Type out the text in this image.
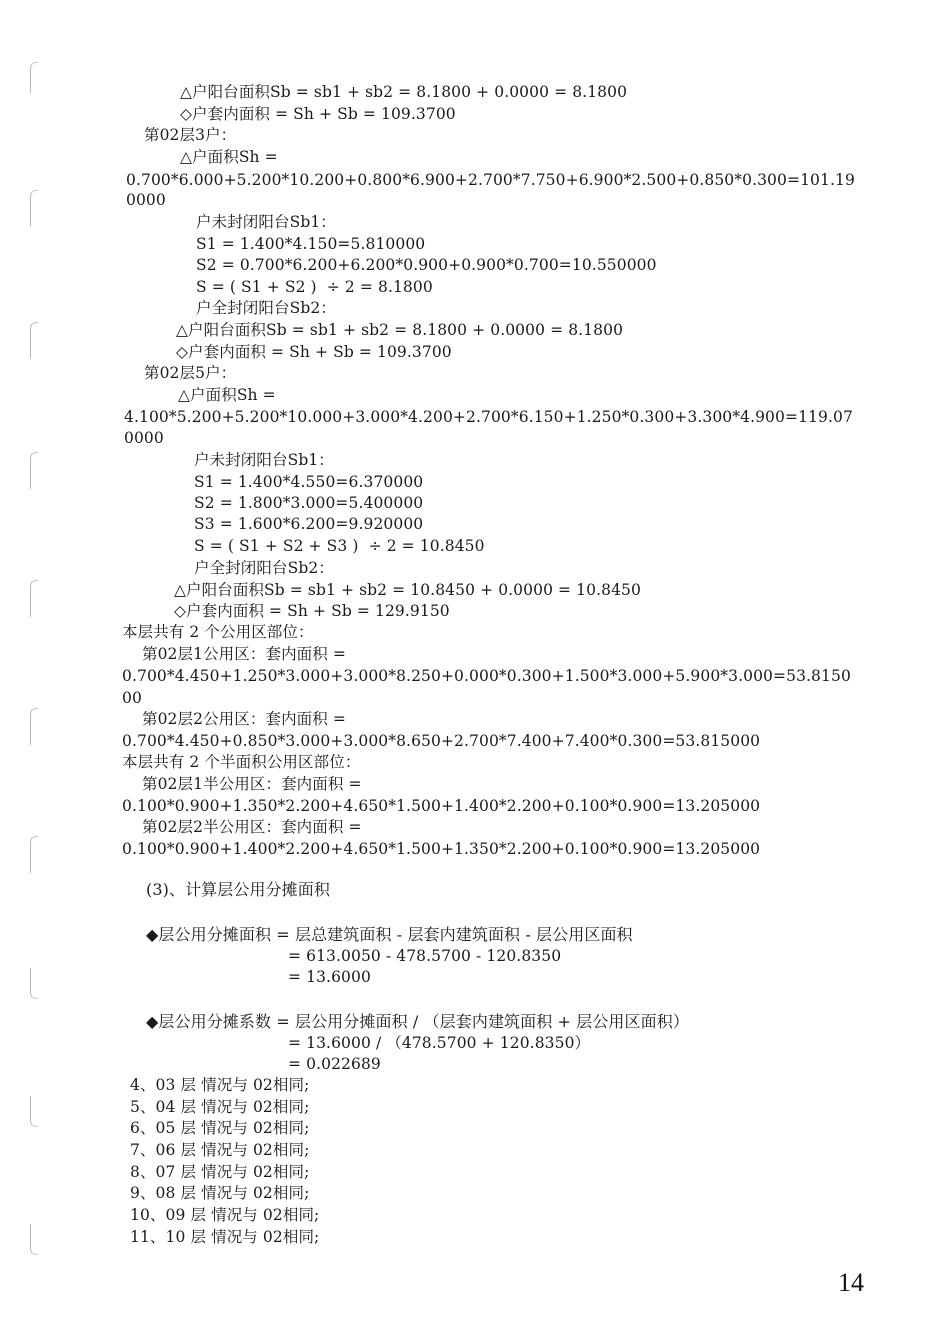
△户阳台面积Sb = sb1 + sb2 = 8.1800 + 0.0000 = 8.1800
◇户套内面积 = Sh + Sb = 109.3700
第02层3户：
△户面积Sh =
0.700*6.000+5.200*10.200+0.800*6.900+2.700*7.750+6.900*2.500+0.850*0.300=101.19
0000
户未封闭阳台Sb1：
S1 = 1.400*4.150=5.810000
S2 = 0.700*6.200+6.200*0.900+0.900*0.700=10.550000
S = ( S1 + S2 )  ÷ 2 = 8.1800
户全封闭阳台Sb2：
△户阳台面积Sb = sb1 + sb2 = 8.1800 + 0.0000 = 8.1800
◇户套内面积 = Sh + Sb = 109.3700
第02层5户：
△户面积Sh =
4.100*5.200+5.200*10.000+3.000*4.200+2.700*6.150+1.250*0.300+3.300*4.900=119.07
0000
户未封闭阳台Sb1：
S1 = 1.400*4.550=6.370000
S2 = 1.800*3.000=5.400000
S3 = 1.600*6.200=9.920000
S = ( S1 + S2 + S3 )  ÷ 2 = 10.8450
户全封闭阳台Sb2：
△户阳台面积Sb = sb1 + sb2 = 10.8450 + 0.0000 = 10.8450
◇户套内面积 = Sh + Sb = 129.9150
本层共有 2 个公用区部位：
第02层1公用区：套内面积 =
0.700*4.450+1.250*3.000+3.000*8.250+0.000*0.300+1.500*3.000+5.900*3.000=53.8150
00
第02层2公用区：套内面积 =
0.700*4.450+0.850*3.000+3.000*8.650+2.700*7.400+7.400*0.300=53.815000
本层共有 2 个半面积公用区部位：
第02层1半公用区：套内面积 =
0.100*0.900+1.350*2.200+4.650*1.500+1.400*2.200+0.100*0.900=13.205000
第02层2半公用区：套内面积 =
0.100*0.900+1.400*2.200+4.650*1.500+1.350*2.200+0.100*0.900=13.205000
(3)、计算层公用分摊面积
◆层公用分摊面积 = 层总建筑面积 - 层套内建筑面积 - 层公用区面积
= 613.0050 - 478.5700 - 120.8350
= 13.6000
◆层公用分摊系数 = 层公用分摊面积 / （层套内建筑面积 + 层公用区面积）
= 13.6000 / （478.5700 + 120.8350）
= 0.022689
4、03 层 情况与 02相同;
5、04 层 情况与 02相同;
6、05 层 情况与 02相同;
7、06 层 情况与 02相同;
8、07 层 情况与 02相同;
9、08 层 情况与 02相同;
10、09 层 情况与 02相同;
11、10 层 情况与 02相同;
14
